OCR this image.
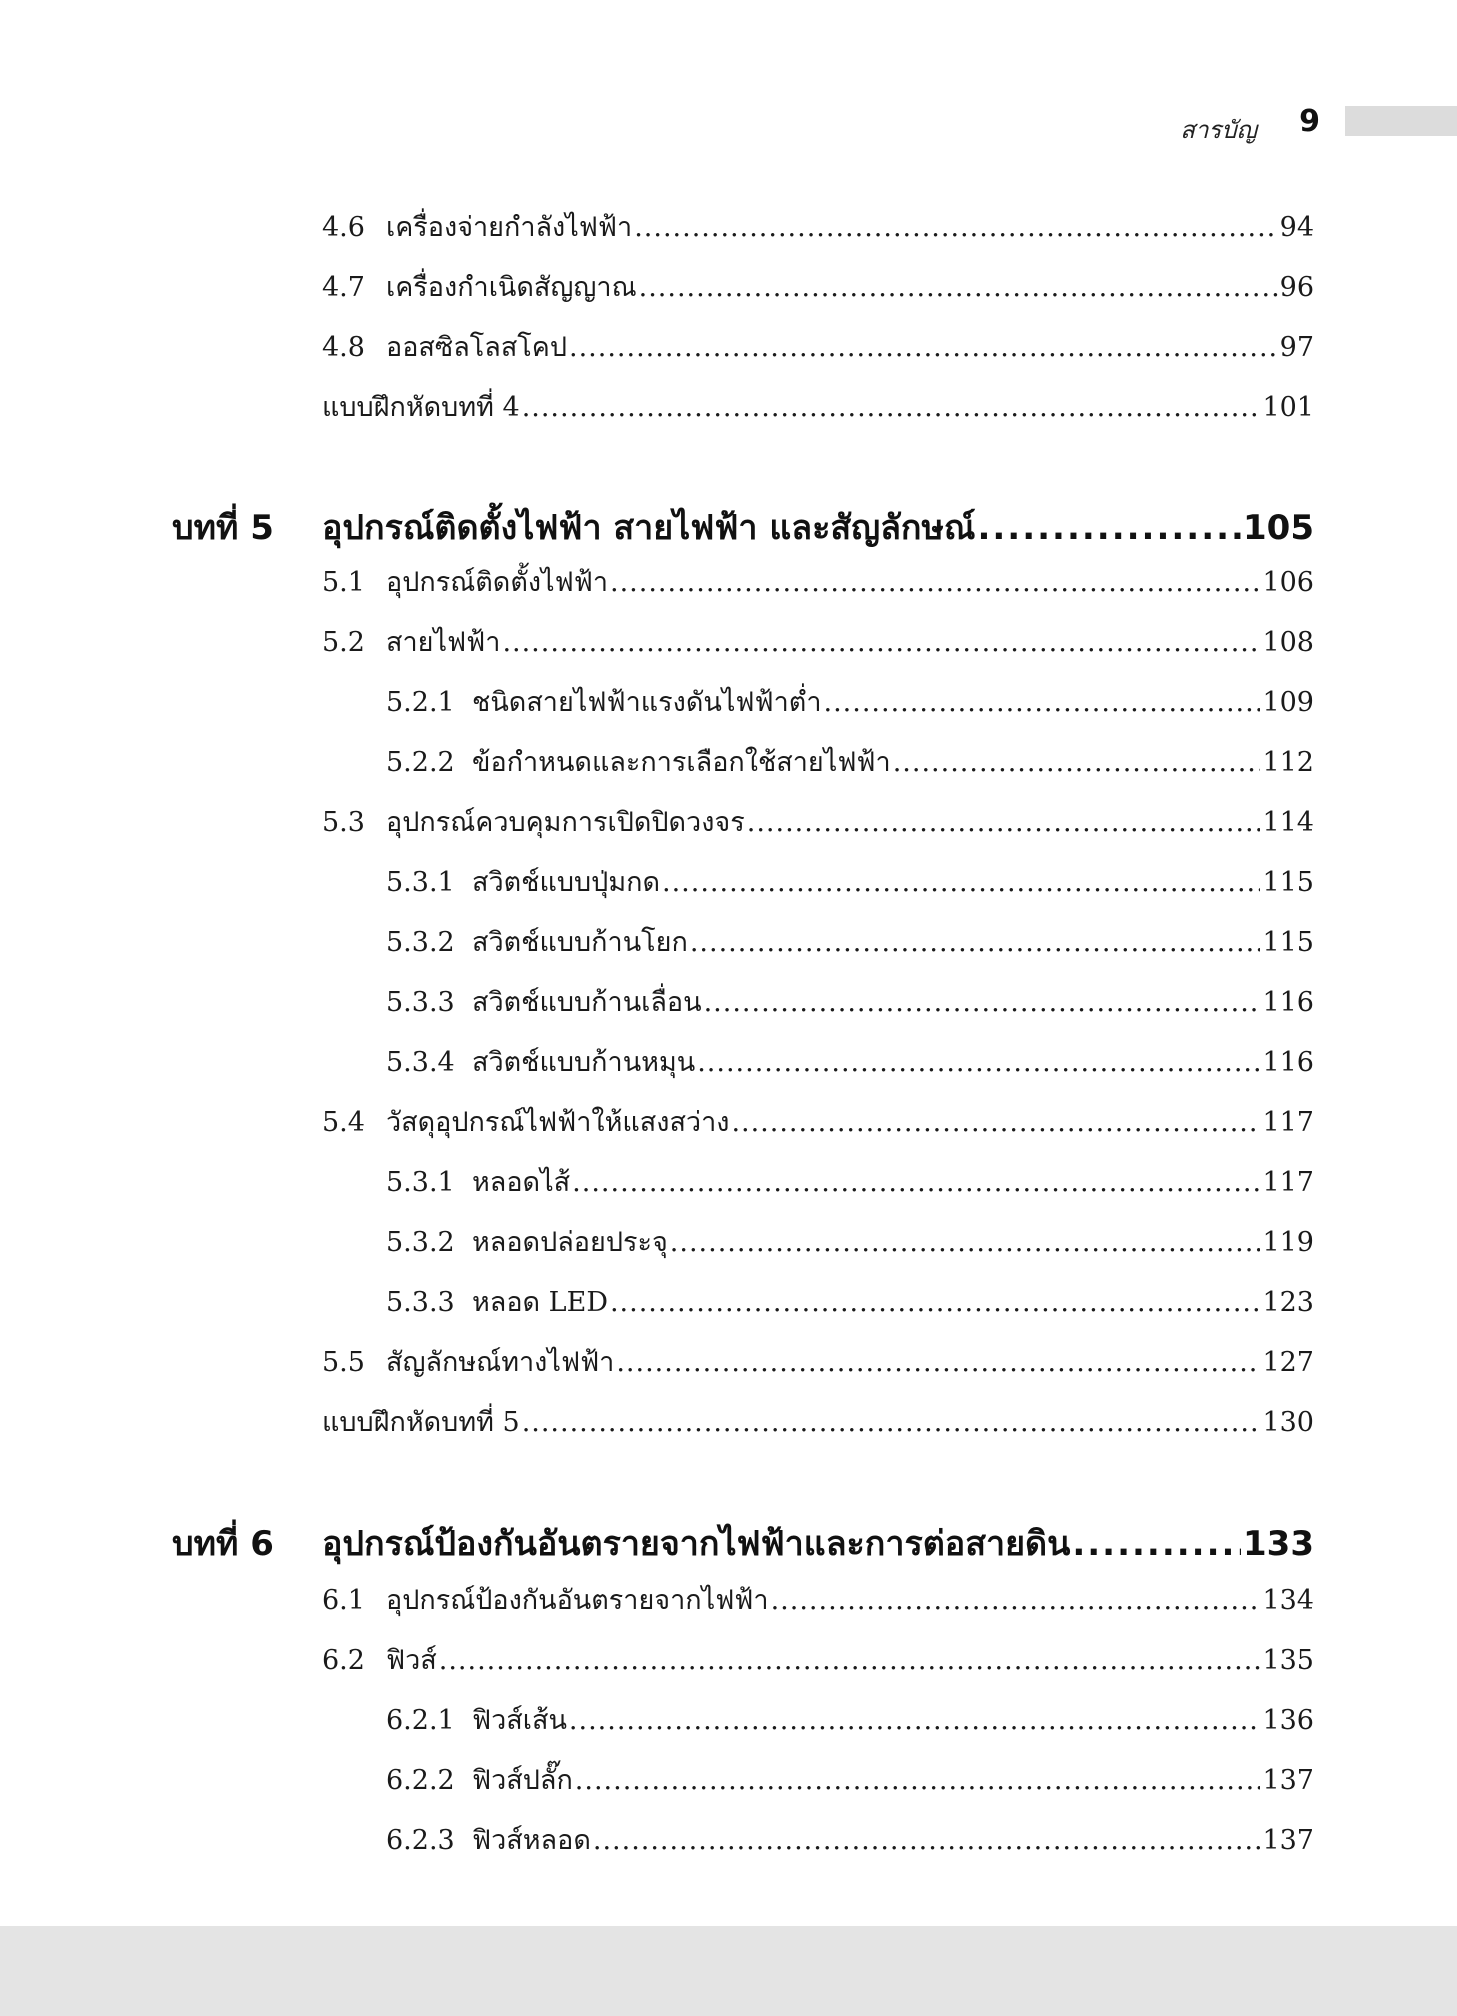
สารบัญ 9
4.6 เครื่องจ่ายกำลังไฟฟ้า .....	94
4.7 เครื่องกำเนิดสัญญาณ .....	96
4.8 ออสซิลโลสโคป .....	97
แบบฝึกหัดบทที่ 4 .....	101
บทที่ 5	อุปกรณ์ติดตั้งไฟฟ้า สายไฟฟ้า และสัญลักษณ์ .....	105
5.1 อุปกรณ์ติดตั้งไฟฟ้า .....	106
5.2 สายไฟฟ้า .....	108
5.2.1 ชนิดสายไฟฟ้าแรงดันไฟฟ้าต่ำ .....	109
5.2.2 ข้อกำหนดและการเลือกใช้สายไฟฟ้า .....	112
5.3 อุปกรณ์ควบคุมการเปิดปิดวงจร .....	114
5.3.1 สวิตช์แบบปุ่มกด .....	115
5.3.2 สวิตช์แบบก้านโยก .....	115
5.3.3 สวิตช์แบบก้านเลื่อน .....	116
5.3.4 สวิตช์แบบก้านหมุน .....	116
5.4 วัสดุอุปกรณ์ไฟฟ้าให้แสงสว่าง .....	117
5.3.1 หลอดไส้ .....	117
5.3.2 หลอดปล่อยประจุ .....	119
5.3.3 หลอด LED .....	123
5.5 สัญลักษณ์ทางไฟฟ้า .....	127
แบบฝึกหัดบทที่ 5 .....	130
บทที่ 6	อุปกรณ์ป้องกันอันตรายจากไฟฟ้าและการต่อสายดิน .....	133
6.1 อุปกรณ์ป้องกันอันตรายจากไฟฟ้า .....	134
6.2 ฟิวส์ .....	135
6.2.1 ฟิวส์เส้น .....	136
6.2.2 ฟิวส์ปลั๊ก .....	137
6.2.3 ฟิวส์หลอด .....	137
